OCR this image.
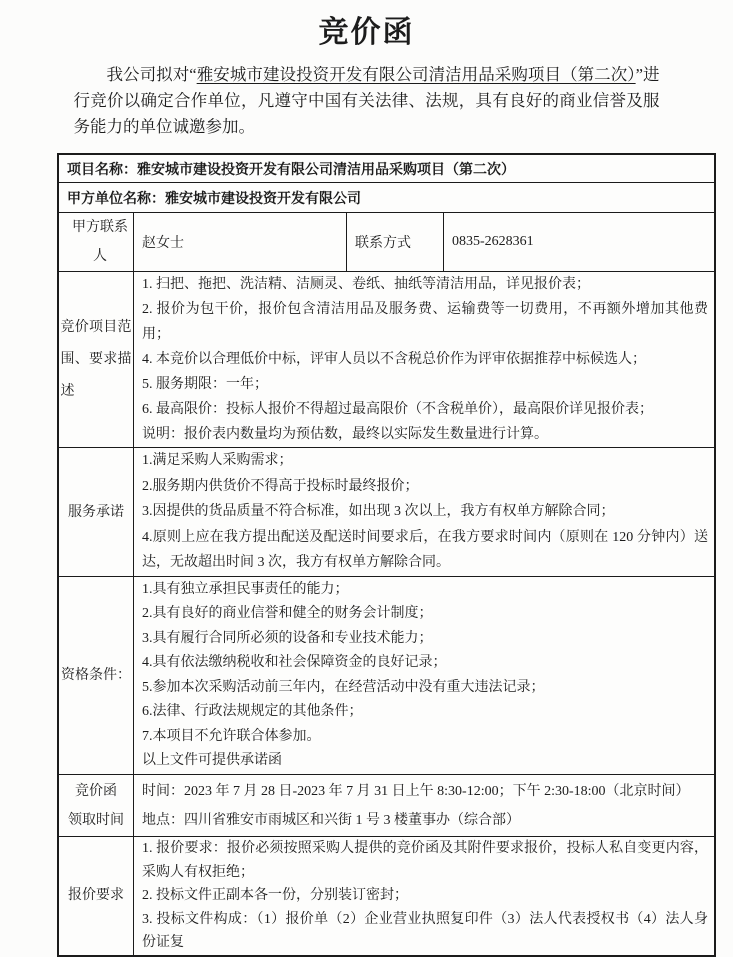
竞价函

我公司拟对“雅安城市建设投资开发有限公司清洁用品采购项目（第二次）”进行竞价以确定合作单位，凡遵守中国有关法律、法规，具有良好的商业信誉及服务能力的单位诚邀参加。

项目名称： 雅安城市建设投资开发有限公司清洁用品采购项目（第二次）
甲方单位名称： 雅安城市建设投资开发有限公司
甲方联系人
赵女士	联系方式	0835-2628361
竞价项目范围、要求描述
1. 扫把、拖把、洗洁精、洁厕灵、卷纸、抽纸等清洁用品，详见报价表；
2. 报价为包干价，报价包含清洁用品及服务费、运输费等一切费用，不再额外增加其他费用；
4. 本竞价以合理低价中标，评审人员以不含税总价作为评审依据推荐中标候选人；
5. 服务期限：一年；
6. 最高限价：投标人报价不得超过最高限价（不含税单价），最高限价详见报价表；
说明：报价表内数量均为预估数，最终以实际发生数量进行计算。
服务承诺
1.满足采购人采购需求；
2.服务期内供货价不得高于投标时最终报价；
3.因提供的货品质量不符合标准，如出现 3 次以上，我方有权单方解除合同；
4.原则上应在我方提出配送及配送时间要求后，在我方要求时间内（原则在 120 分钟内）送达，无故超出时间 3 次，我方有权单方解除合同。
资格条件：
1.具有独立承担民事责任的能力；
2.具有良好的商业信誉和健全的财务会计制度；
3.具有履行合同所必须的设备和专业技术能力；
4.具有依法缴纳税收和社会保障资金的良好记录；
5.参加本次采购活动前三年内，在经营活动中没有重大违法记录；
6.法律、行政法规规定的其他条件；
7.本项目不允许联合体参加。
以上文件可提供承诺函
竞价函
领取时间
时间：2023 年 7 月 28 日-2023 年 7 月 31 日上午 8:30-12:00；下午 2:30-18:00（北京时间）
地点：四川省雅安市雨城区和兴街 1 号 3 楼董事办（综合部）
报价要求
1. 报价要求：报价必须按照采购人提供的竞价函及其附件要求报价，投标人私自变更内容，采购人有权拒绝；
2. 投标文件正副本各一份，分别装订密封；
3. 投标文件构成：（1）报价单（2）企业营业执照复印件（3）法人代表授权书（4）法人身份证复
